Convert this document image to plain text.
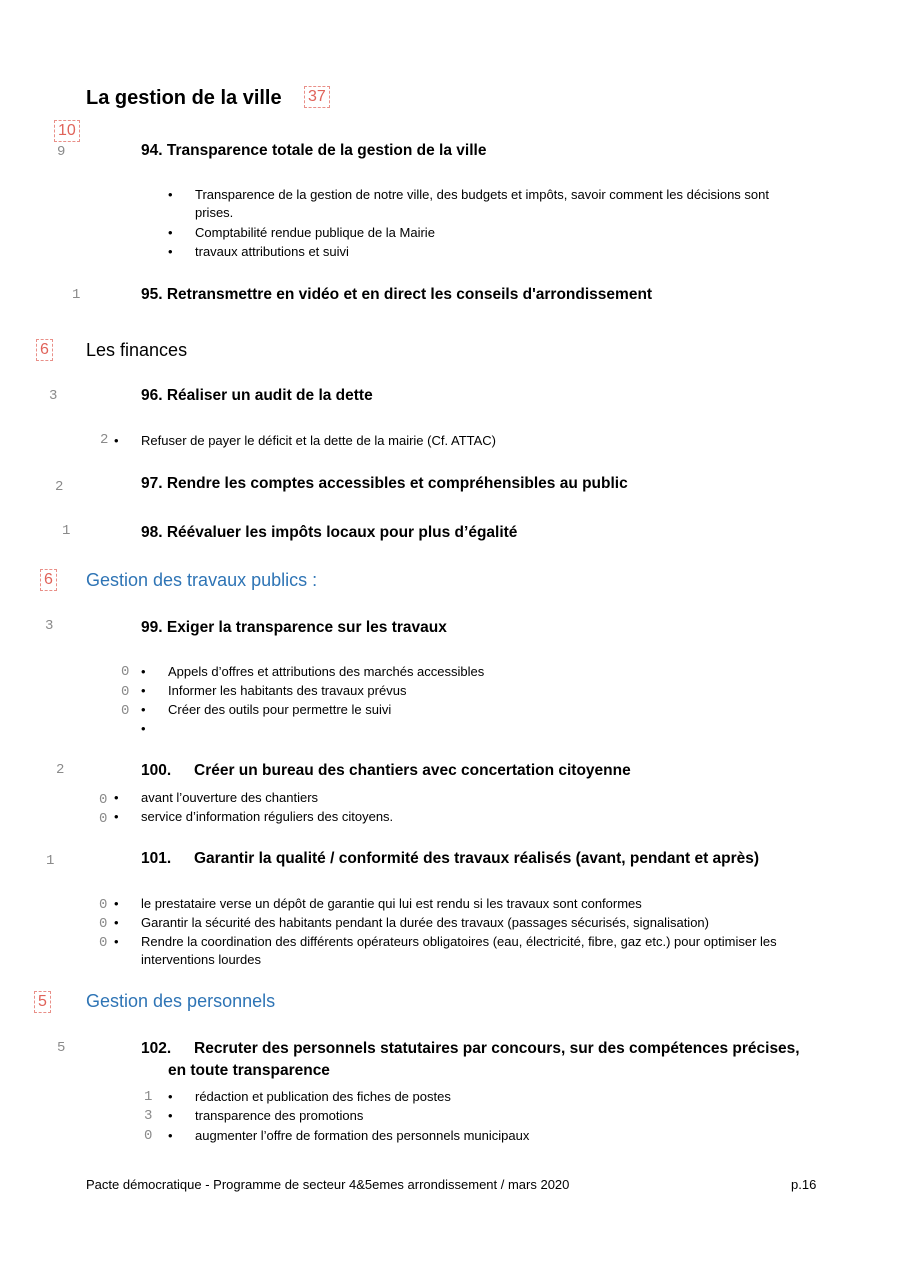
La gestion de la ville 37
10
9	94. Transparence totale de la gestion de la ville
• Transparence de la gestion de notre ville, des budgets et impôts, savoir comment les décisions sont prises.
• Comptabilité rendue publique de la Mairie
• travaux attributions et suivi
1	95. Retransmettre en vidéo et en direct les conseils d'arrondissement
6 Les finances
3	96. Réaliser un audit de la dette
2	• Refuser de payer le déficit et la dette de la mairie (Cf. ATTAC)
2	97. Rendre les comptes accessibles et compréhensibles au public
1	98. Réévaluer les impôts locaux pour plus d’égalité
6 Gestion des travaux publics :
3	99. Exiger la transparence sur les travaux
0	• Appels d’offres et attributions des marchés accessibles
0	• Informer les habitants des travaux prévus
0	• Créer des outils pour permettre le suivi
2	100. Créer un bureau des chantiers avec concertation citoyenne
0	• avant l’ouverture des chantiers
0	• service d’information réguliers des citoyens.
1	101. Garantir la qualité / conformité des travaux réalisés (avant, pendant et après)
0	• le prestataire verse un dépôt de garantie qui lui est rendu si les travaux sont conformes
0	• Garantir la sécurité des habitants pendant la durée des travaux (passages sécurisés, signalisation)
0	• Rendre la coordination des différents opérateurs obligatoires (eau, électricité, fibre, gaz etc.) pour optimiser les interventions lourdes
5 Gestion des personnels
5	102. Recruter des personnels statutaires par concours, sur des compétences précises,
en toute transparence
1	• rédaction et publication des fiches de postes
3	• transparence des promotions
0	• augmenter l’offre de formation des personnels municipaux
Pacte démocratique - Programme de secteur 4&5emes arrondissement / mars 2020	p.16
